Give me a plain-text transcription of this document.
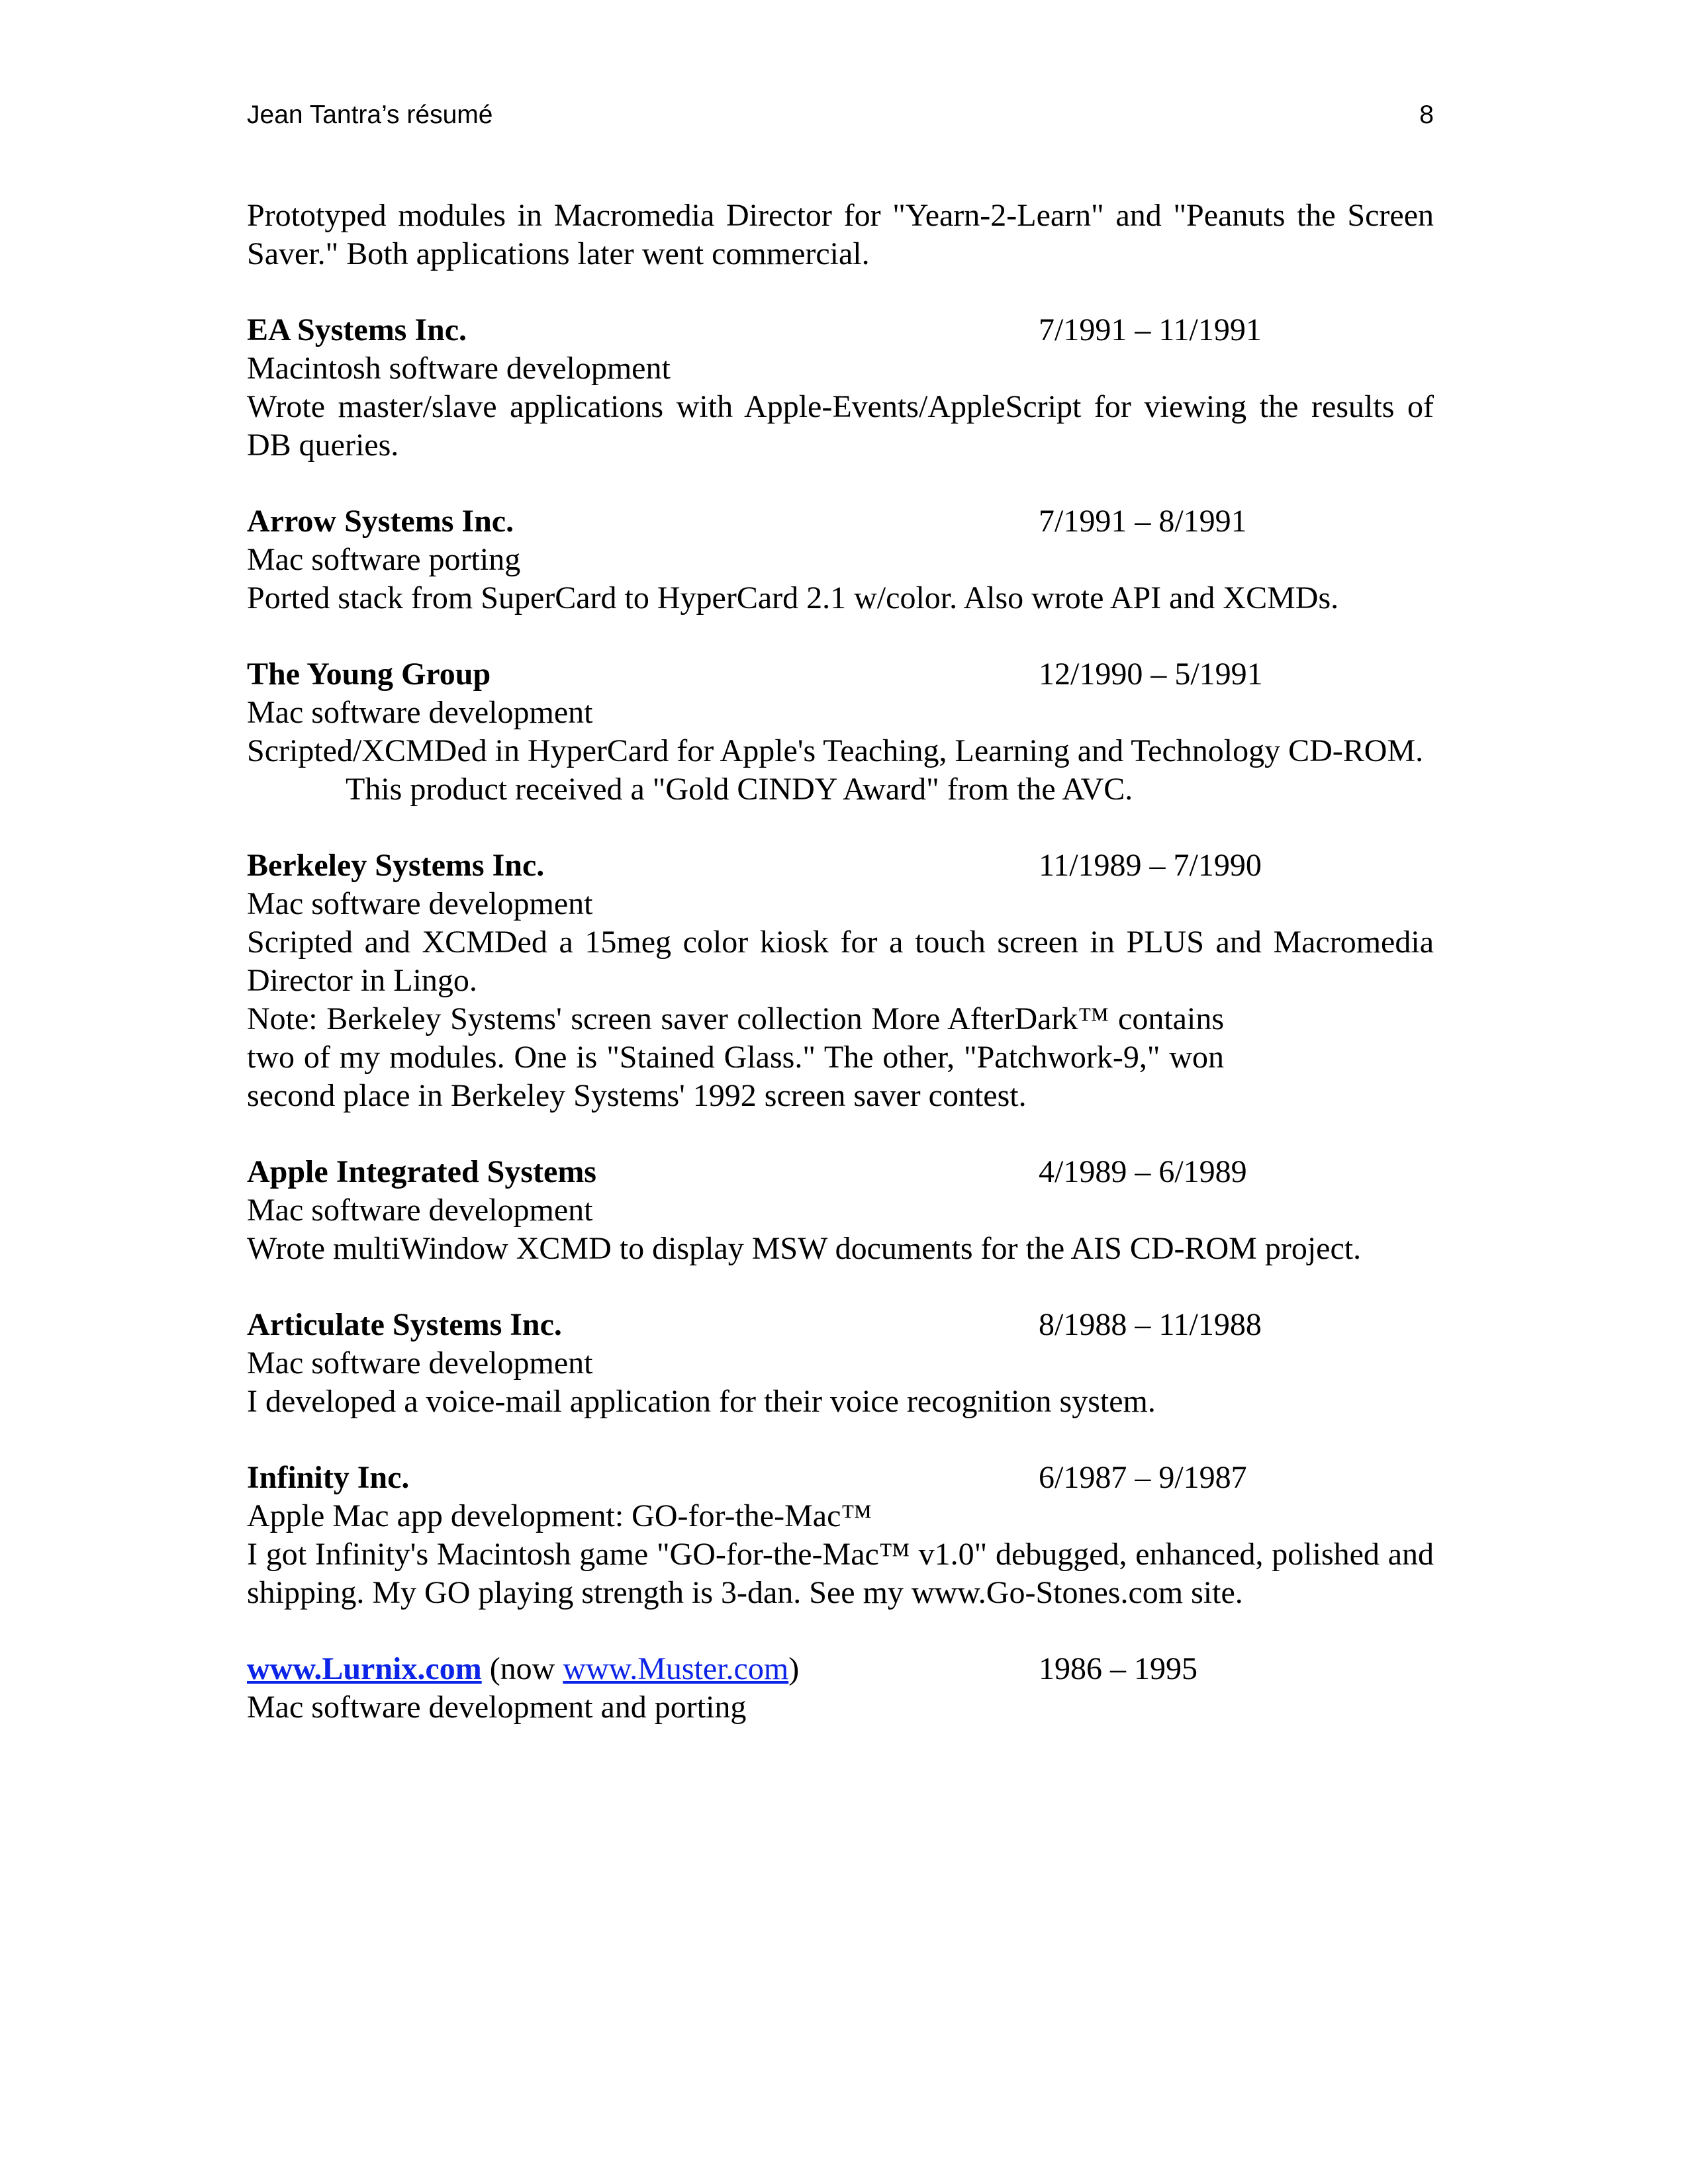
Jean Tantra’s résumé	8

Prototyped modules in Macromedia Director for "Yearn-2-Learn" and "Peanuts the Screen Saver." Both applications later went commercial.

EA Systems Inc.	7/1991 – 11/1991

Macintosh software development

Wrote master/slave applications with Apple-Events/AppleScript for viewing the results of DB queries.

Arrow Systems Inc.	7/1991 – 8/1991

Mac software porting

Ported stack from SuperCard to HyperCard 2.1 w/color. Also wrote API and XCMDs.

The Young Group	12/1990 – 5/1991

Mac software development

Scripted/XCMDed in HyperCard for Apple's Teaching, Learning and Technology CD-ROM.

This product received a "Gold CINDY Award" from the AVC.

Berkeley Systems Inc.	11/1989 – 7/1990

Mac software development

Scripted and XCMDed a 15meg color kiosk for a touch screen in PLUS and Macromedia Director in Lingo.

Note: Berkeley Systems' screen saver collection More AfterDark™ contains two of my modules. One is "Stained Glass." The other, "Patchwork-9," won second place in Berkeley Systems' 1992 screen saver contest.

Apple Integrated Systems	4/1989 – 6/1989

Mac software development

Wrote multiWindow XCMD to display MSW documents for the AIS CD-ROM project.

Articulate Systems Inc.	8/1988 – 11/1988

Mac software development

I developed a voice-mail application for their voice recognition system.

Infinity Inc.	6/1987 – 9/1987

Apple Mac app development: GO-for-the-Mac™

I got Infinity's Macintosh game "GO-for-the-Mac™ v1.0" debugged, enhanced, polished and shipping. My GO playing strength is 3-dan. See my www.Go-Stones.com site.

www.Lurnix.com (now www.Muster.com)	1986 – 1995

Mac software development and porting
